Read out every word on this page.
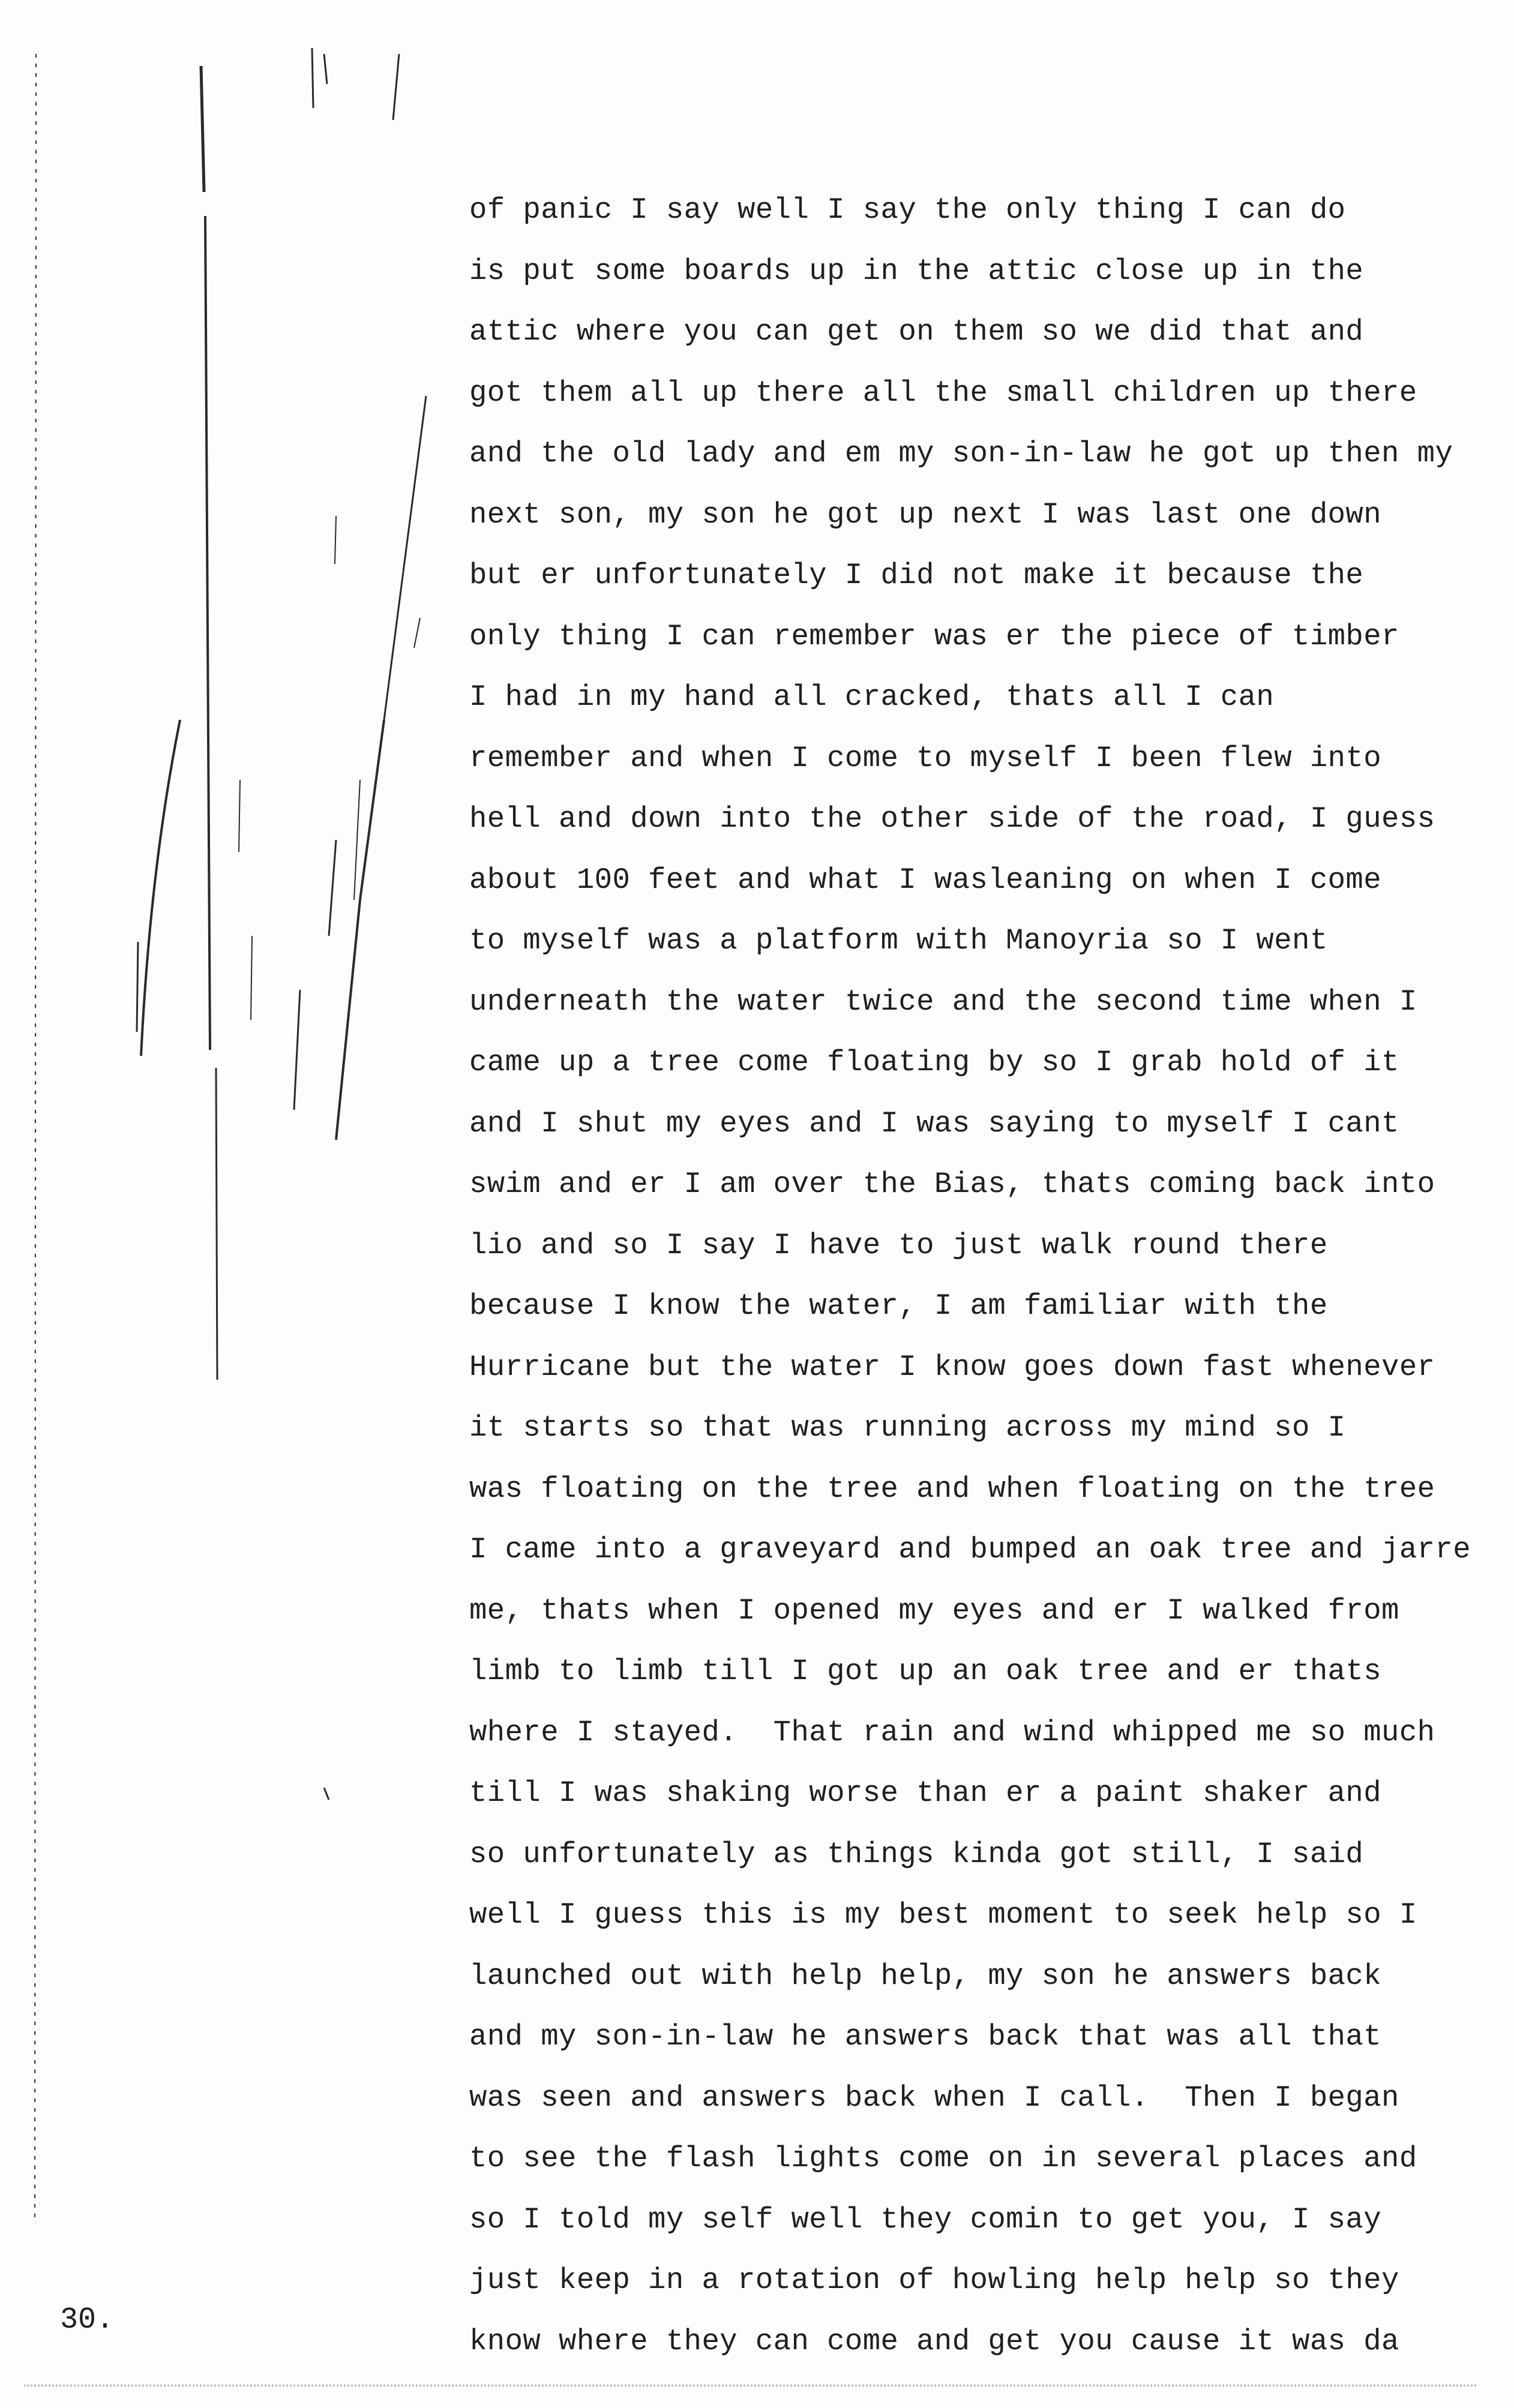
of panic I say well I say the only thing I can do
is put some boards up in the attic close up in the
attic where you can get on them so we did that and
got them all up there all the small children up there
and the old lady and em my son-in-law he got up then my
next son, my son he got up next I was last one down
but er unfortunately I did not make it because the
only thing I can remember was er the piece of timber
I had in my hand all cracked, thats all I can
remember and when I come to myself I been flew into
hell and down into the other side of the road, I guess
about 100 feet and what I wasleaning on when I come
to myself was a platform with Manoyria so I went
underneath the water twice and the second time when I
came up a tree come floating by so I grab hold of it
and I shut my eyes and I was saying to myself I cant
swim and er I am over the Bias, thats coming back into
lio and so I say I have to just walk round there
because I know the water, I am familiar with the
Hurricane but the water I know goes down fast whenever
it starts so that was running across my mind so I
was floating on the tree and when floating on the tree
I came into a graveyard and bumped an oak tree and jarre
me, thats when I opened my eyes and er I walked from
limb to limb till I got up an oak tree and er thats
where I stayed.  That rain and wind whipped me so much
till I was shaking worse than er a paint shaker and
so unfortunately as things kinda got still, I said
well I guess this is my best moment to seek help so I
launched out with help help, my son he answers back
and my son-in-law he answers back that was all that
was seen and answers back when I call.  Then I began
to see the flash lights come on in several places and
so I told my self well they comin to get you, I say
just keep in a rotation of howling help help so they
know where they can come and get you cause it was da
30.
